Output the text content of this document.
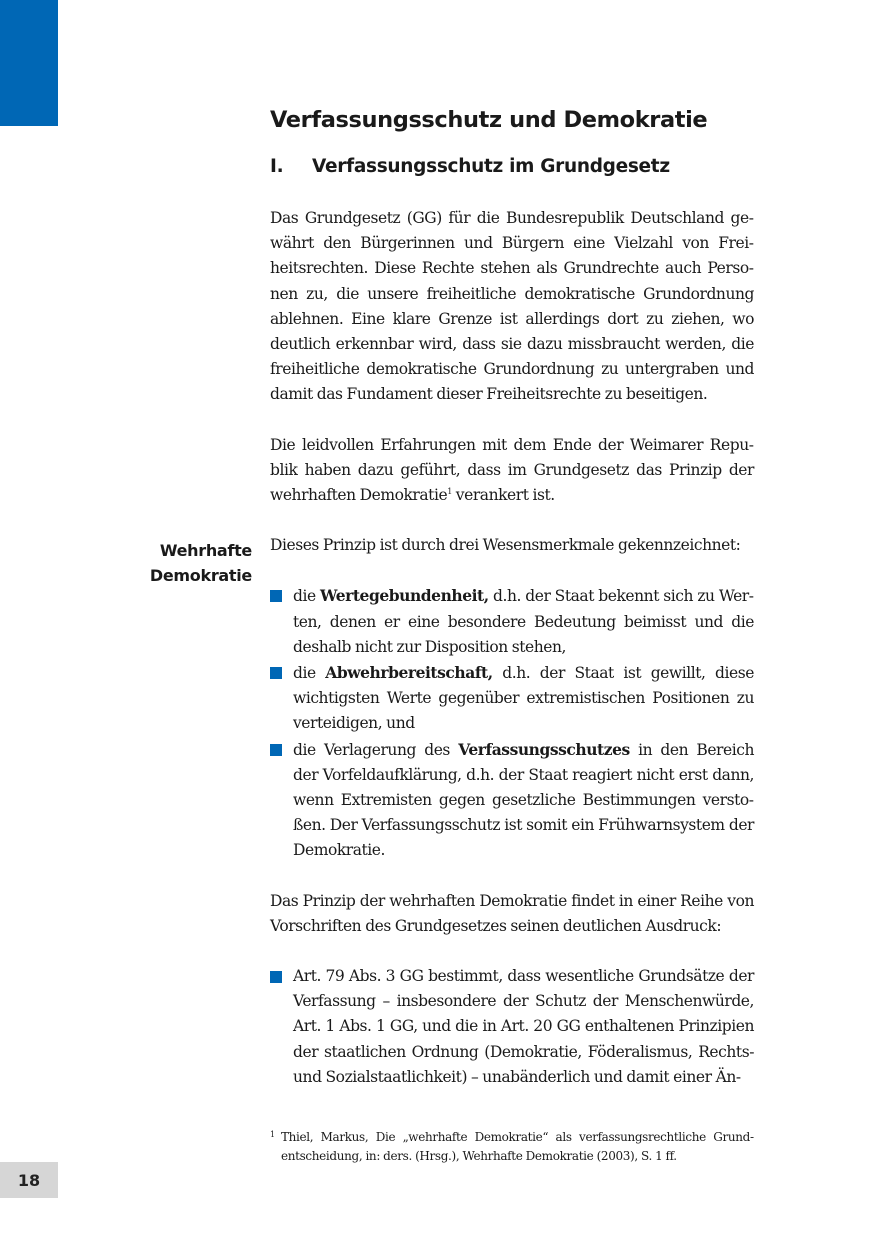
Verfassungsschutz und Demokratie
I.	Verfassungsschutz im Grundgesetz

Das Grundgesetz (GG) für die Bundesrepublik Deutschland gewährt den Bürgerinnen und Bürgern eine Vielzahl von Freiheitsrechten. Diese Rechte stehen als Grundrechte auch Personen zu, die unsere freiheitliche demokratische Grundordnung ablehnen. Eine klare Grenze ist allerdings dort zu ziehen, wo deutlich erkennbar wird, dass sie dazu missbraucht werden, die freiheitliche demokratische Grundordnung zu untergraben und damit das Fundament dieser Freiheitsrechte zu beseitigen.

Die leidvollen Erfahrungen mit dem Ende der Weimarer Republik haben dazu geführt, dass im Grundgesetz das Prinzip der wehrhaften Demokratie$^1$ verankert ist.

Dieses Prinzip ist durch drei Wesensmerkmale gekennzeichnet:

die Wertegebundenheit, d.h. der Staat bekennt sich zu Werten, denen er eine besondere Bedeutung beimisst und die deshalb nicht zur Disposition stehen,

die Abwehrbereitschaft, d.h. der Staat ist gewillt, diese wichtigsten Werte gegenüber extremistischen Positionen zu verteidigen, und

die Verlagerung des Verfassungsschutzes in den Bereich der Vorfeldaufklärung, d.h. der Staat reagiert nicht erst dann, wenn Extremisten gegen gesetzliche Bestimmungen verstoßen. Der Verfassungsschutz ist somit ein Frühwarnsystem der Demokratie.

Das Prinzip der wehrhaften Demokratie findet in einer Reihe von Vorschriften des Grundgesetzes seinen deutlichen Ausdruck:

Art. 79 Abs. 3 GG bestimmt, dass wesentliche Grundsätze der Verfassung – insbesondere der Schutz der Menschenwürde, Art. 1 Abs. 1 GG, und die in Art. 20 GG enthaltenen Prinzipien der staatlichen Ordnung (Demokratie, Föderalismus, Rechts- und Sozialstaatlichkeit) – unabänderlich und damit einer Än-

Wehrhafte
Demokratie
1 Thiel, Markus, Die „wehrhafte Demokratie“ als verfassungsrechtliche Grundentscheidung, in: ders. (Hrsg.), Wehrhafte Demokratie (2003), S. 1 ff.
18
